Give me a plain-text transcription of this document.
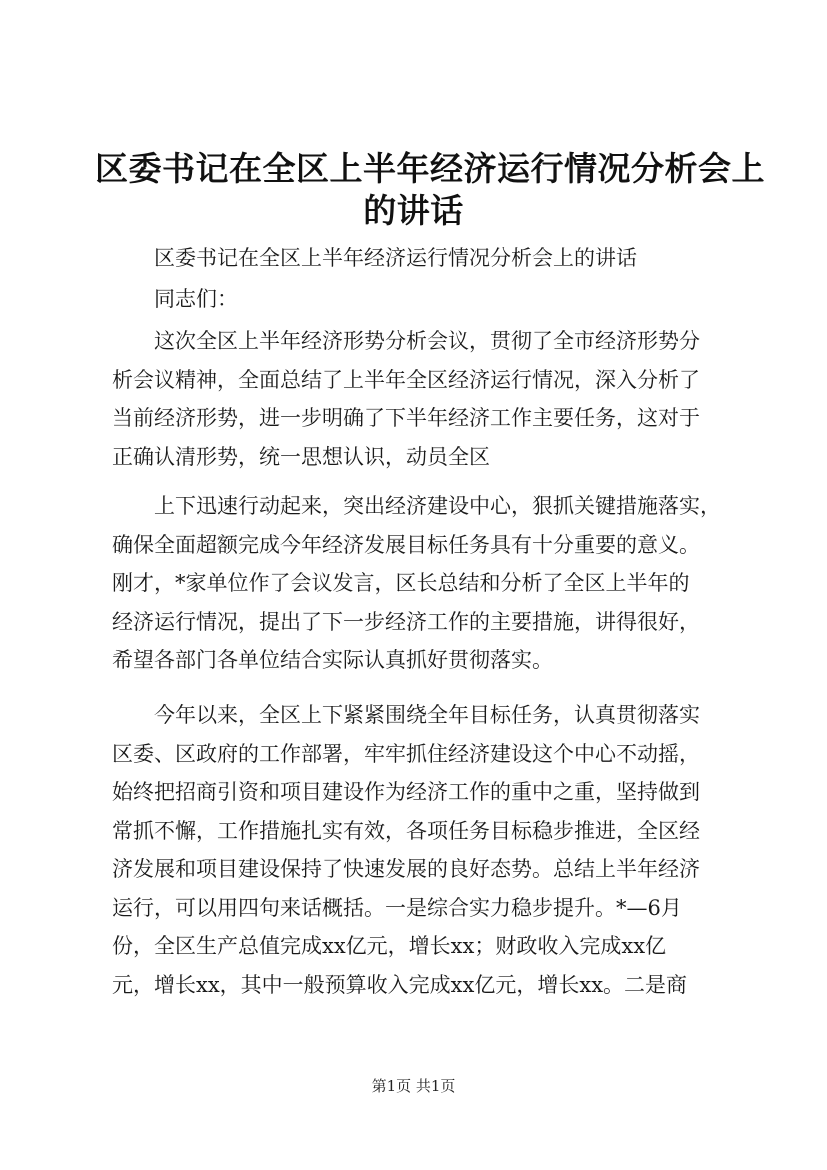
区委书记在全区上半年经济运行情况分析会上
的讲话

区委书记在全区上半年经济运行情况分析会上的讲话

同志们：

这次全区上半年经济形势分析会议，贯彻了全市经济形势分
析会议精神，全面总结了上半年全区经济运行情况，深入分析了
当前经济形势，进一步明确了下半年经济工作主要任务，这对于
正确认清形势，统一思想认识，动员全区
上下迅速行动起来，突出经济建设中心，狠抓关键措施落实，
确保全面超额完成今年经济发展目标任务具有十分重要的意义。
刚才，*家单位作了会议发言，区长总结和分析了全区上半年的
经济运行情况，提出了下一步经济工作的主要措施，讲得很好，
希望各部门各单位结合实际认真抓好贯彻落实。
今年以来，全区上下紧紧围绕全年目标任务，认真贯彻落实
区委、区政府的工作部署，牢牢抓住经济建设这个中心不动摇，
始终把招商引资和项目建设作为经济工作的重中之重，坚持做到
常抓不懈，工作措施扎实有效，各项任务目标稳步推进，全区经
济发展和项目建设保持了快速发展的良好态势。总结上半年经济
运行，可以用四句来话概括。一是综合实力稳步提升。*—6月
份，全区生产总值完成xx亿元，增长xx；财政收入完成xx亿
元，增长xx，其中一般预算收入完成xx亿元，增长xx。二是商
第1页 共1页
